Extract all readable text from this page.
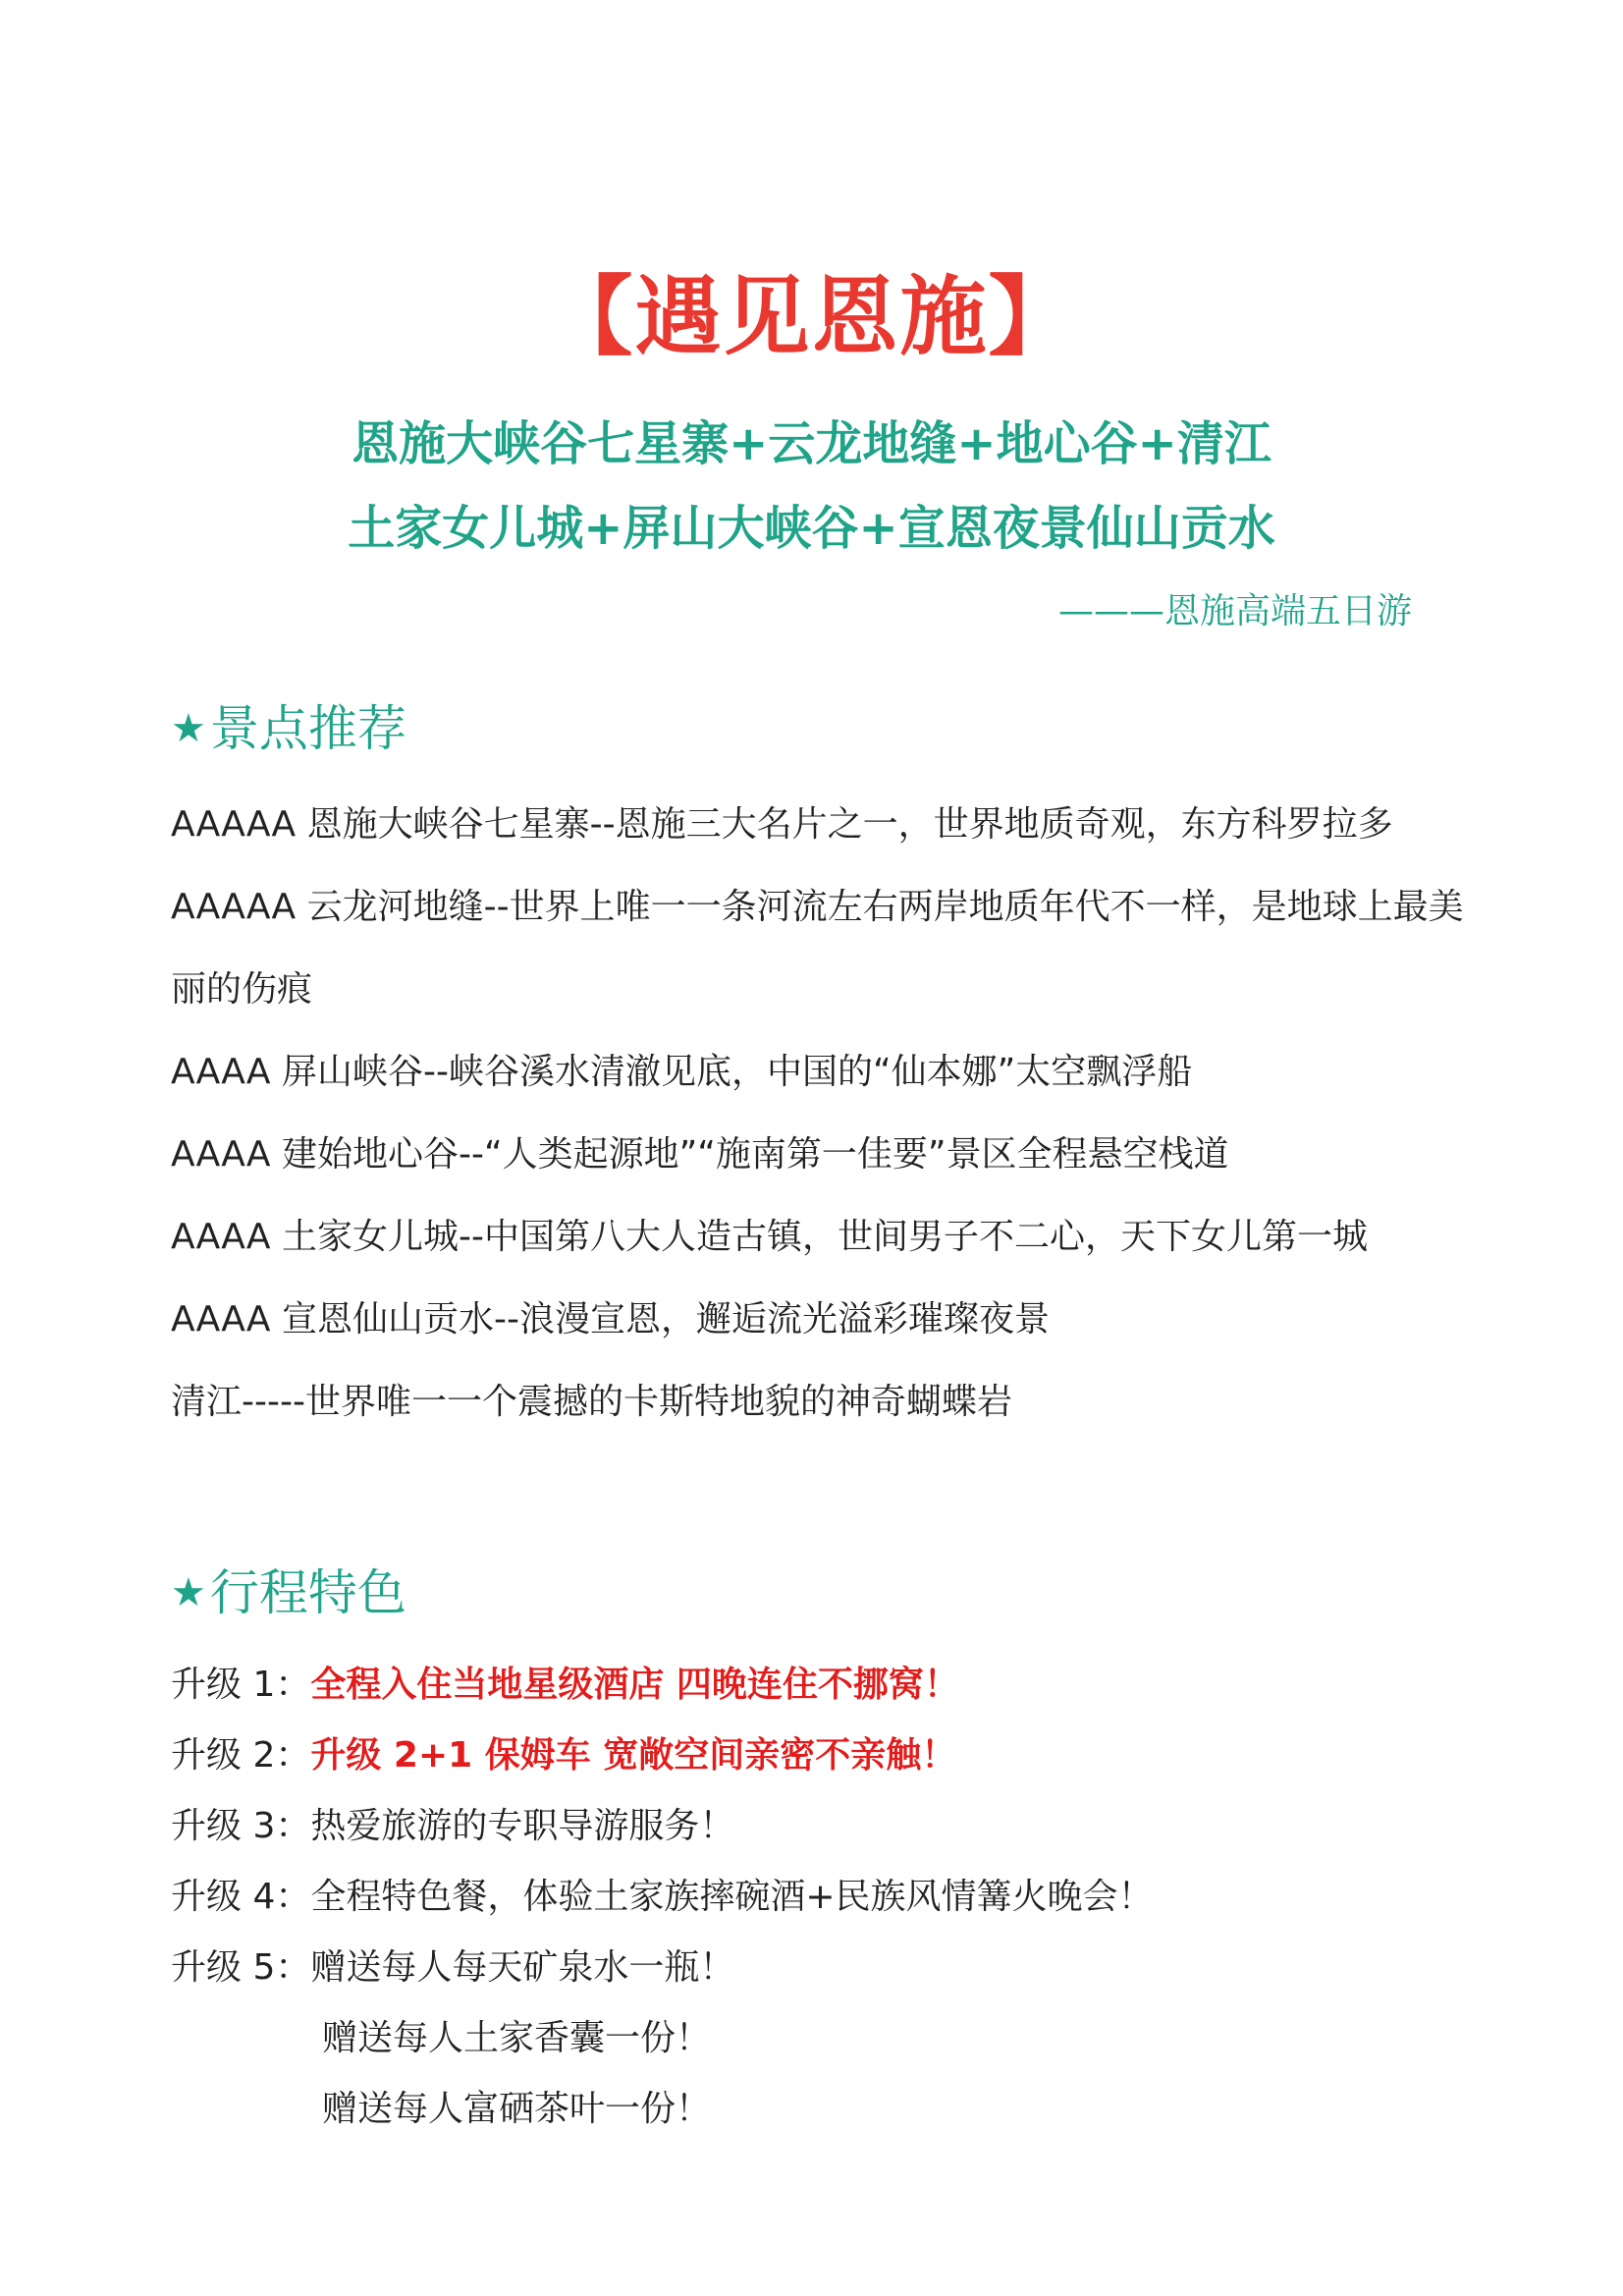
【遇见恩施】
恩施大峡谷七星寨+云龙地缝+地心谷+清江
土家女儿城+屏山大峡谷+宣恩夜景仙山贡水
———恩施高端五日游
★景点推荐

AAAAA 恩施大峡谷七星寨--恩施三大名片之一，世界地质奇观，东方科罗拉多

AAAAA 云龙河地缝--世界上唯一一条河流左右两岸地质年代不一样，是地球上最美丽的伤痕

AAAA 屏山峡谷--峡谷溪水清澈见底，中国的“仙本娜”太空飘浮船

AAAA 建始地心谷--“人类起源地”“施南第一佳要”景区全程悬空栈道

AAAA 土家女儿城--中国第八大人造古镇，世间男子不二心，天下女儿第一城

AAAA 宣恩仙山贡水--浪漫宣恩，邂逅流光溢彩璀璨夜景

清江-----世界唯一一个震撼的卡斯特地貌的神奇蝴蝶岩

★行程特色

升级 1：全程入住当地星级酒店 四晚连住不挪窝！

升级 2：升级 2+1 保姆车 宽敞空间亲密不亲触！

升级 3：热爱旅游的专职导游服务！

升级 4：全程特色餐，体验土家族摔碗酒+民族风情篝火晚会！

升级 5：赠送每人每天矿泉水一瓶！

赠送每人土家香囊一份！

赠送每人富硒茶叶一份！
